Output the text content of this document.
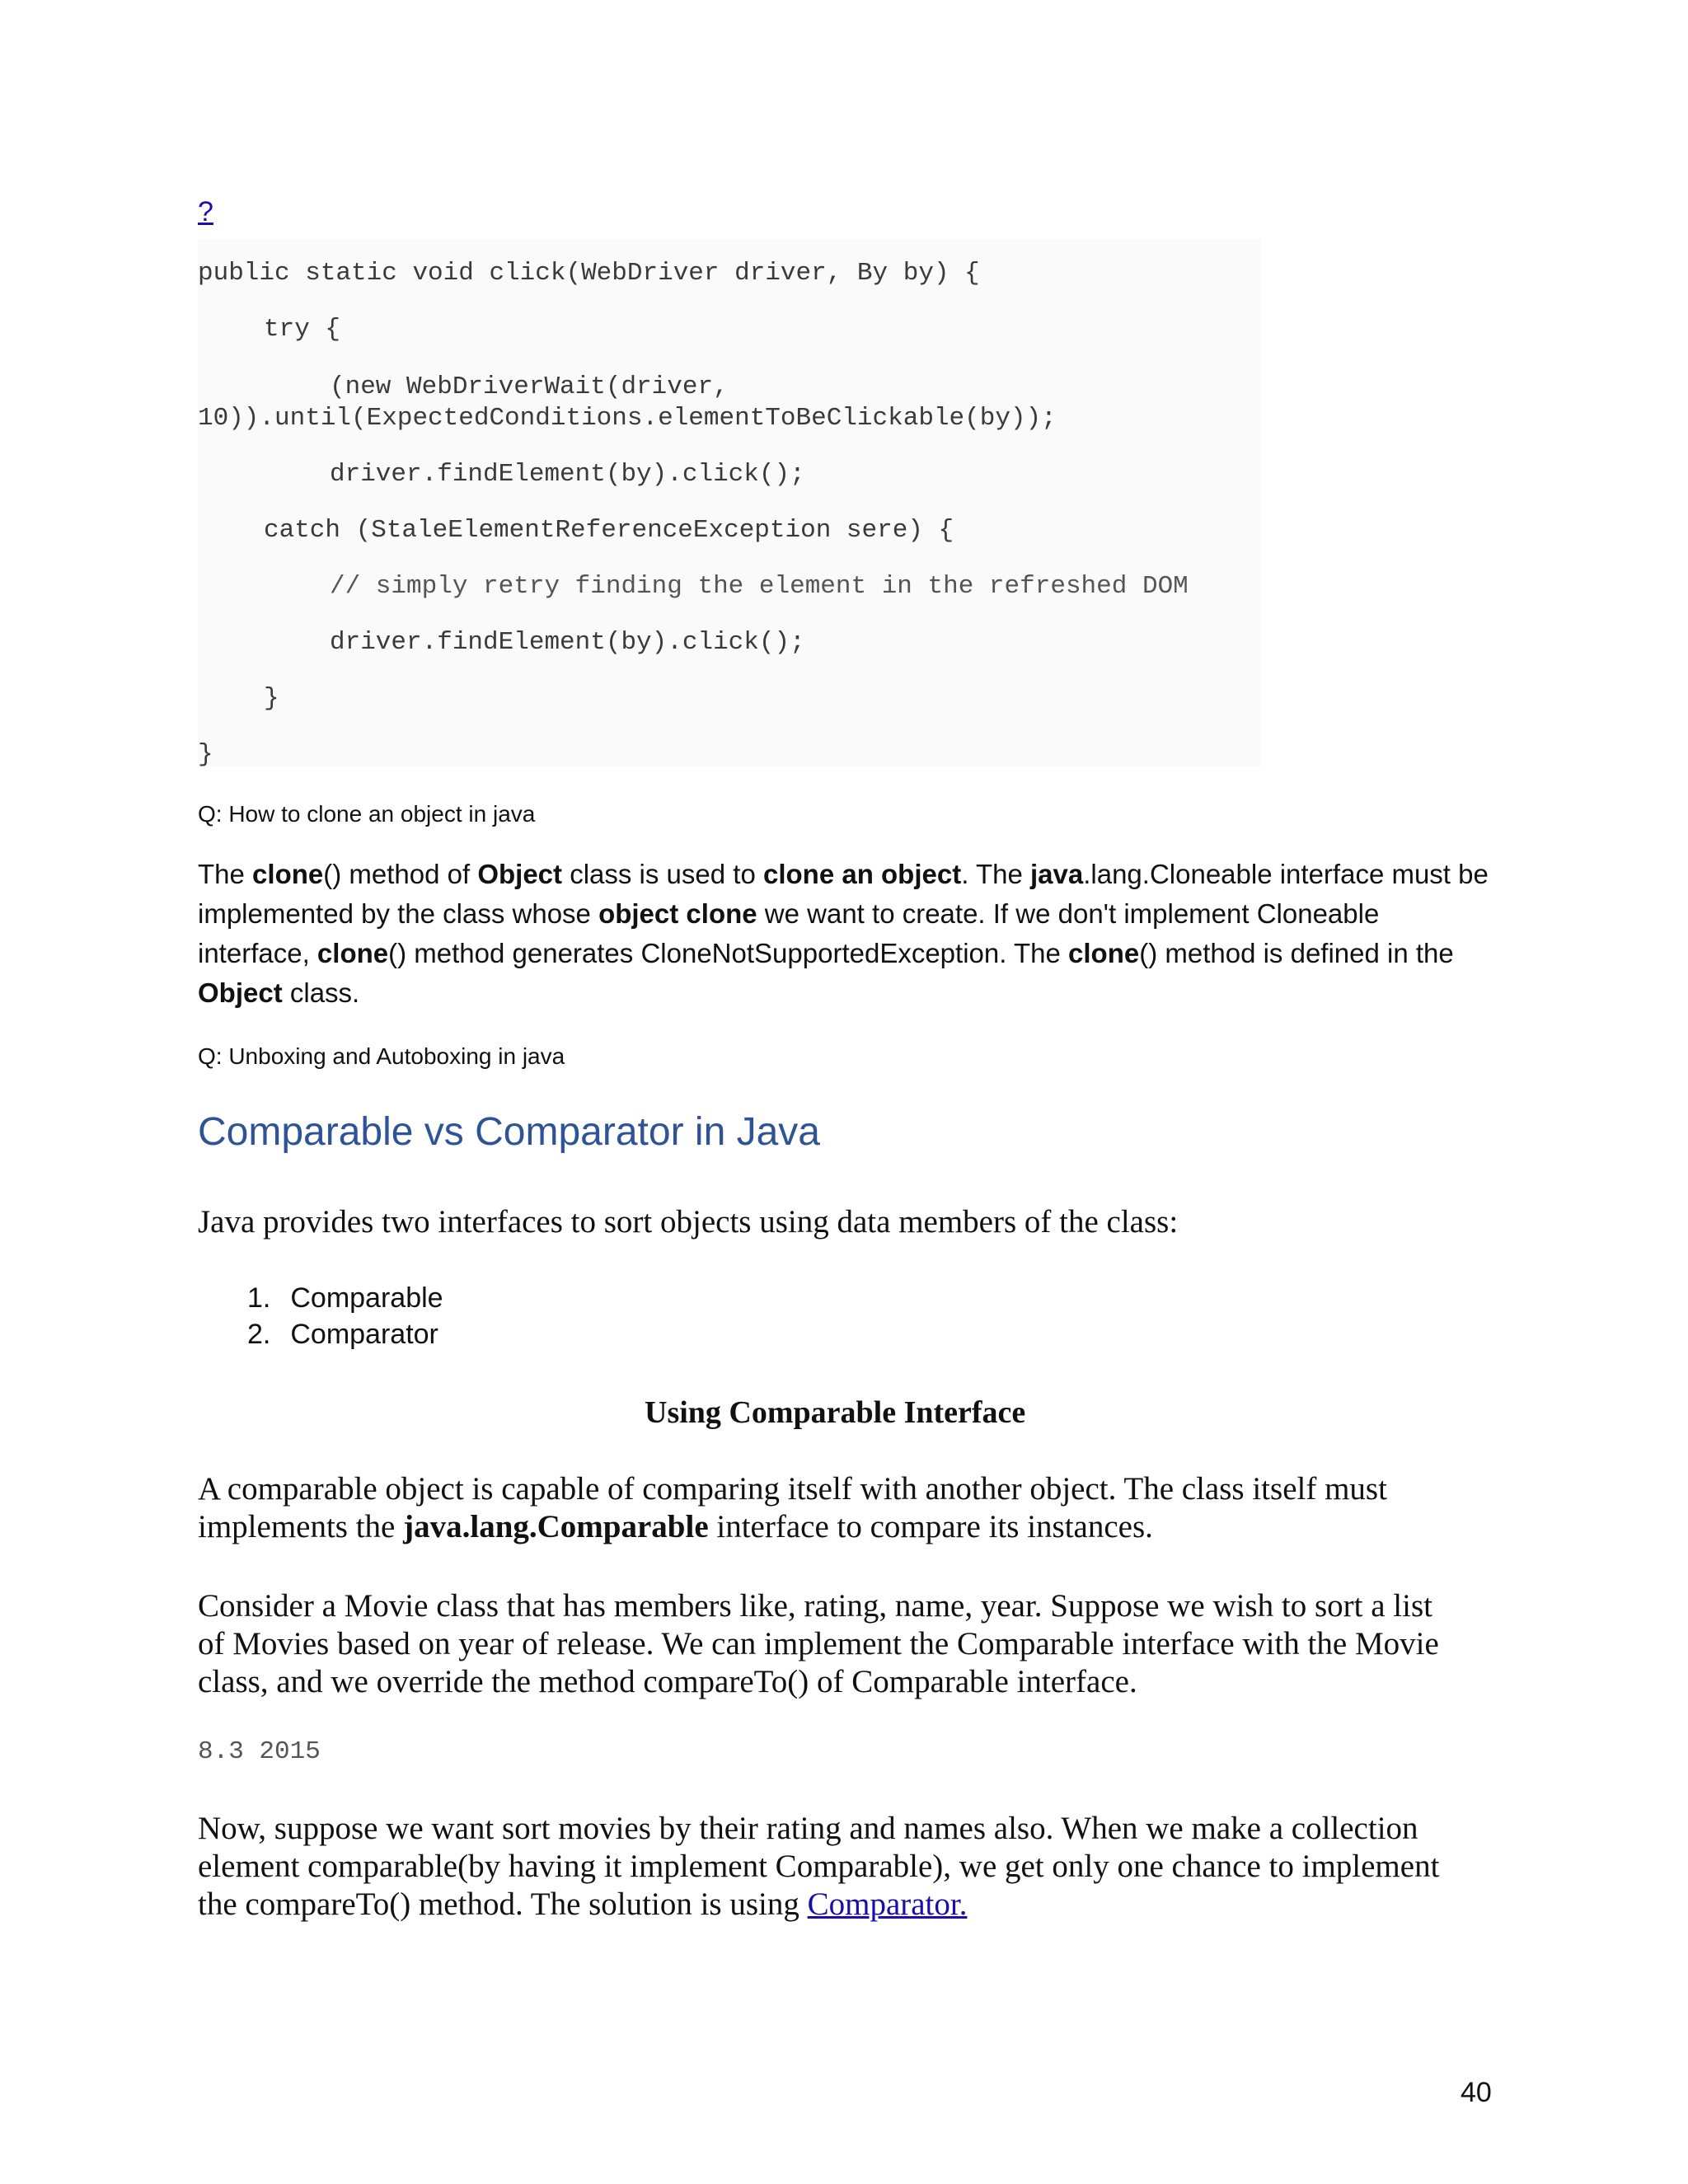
?
public static void click(WebDriver driver, By by) {
try {
(new WebDriverWait(driver,
10)).until(ExpectedConditions.elementToBeClickable(by));
driver.findElement(by).click();
catch (StaleElementReferenceException sere) {
// simply retry finding the element in the refreshed DOM
driver.findElement(by).click();
}
}
Q: How to clone an object in java
The clone() method of Object class is used to clone an object. The java.lang.Cloneable interface must be
implemented by the class whose object clone we want to create. If we don't implement Cloneable
interface, clone() method generates CloneNotSupportedException. The clone() method is defined in the
Object class.
Q: Unboxing and Autoboxing in java
Comparable vs Comparator in Java
Java provides two interfaces to sort objects using data members of the class:
1. Comparable
2. Comparator
Using Comparable Interface
A comparable object is capable of comparing itself with another object. The class itself must
implements the java.lang.Comparable interface to compare its instances.
Consider a Movie class that has members like, rating, name, year. Suppose we wish to sort a list
of Movies based on year of release. We can implement the Comparable interface with the Movie
class, and we override the method compareTo() of Comparable interface.
8.3 2015
Now, suppose we want sort movies by their rating and names also. When we make a collection
element comparable(by having it implement Comparable), we get only one chance to implement
the compareTo() method. The solution is using Comparator.
40
